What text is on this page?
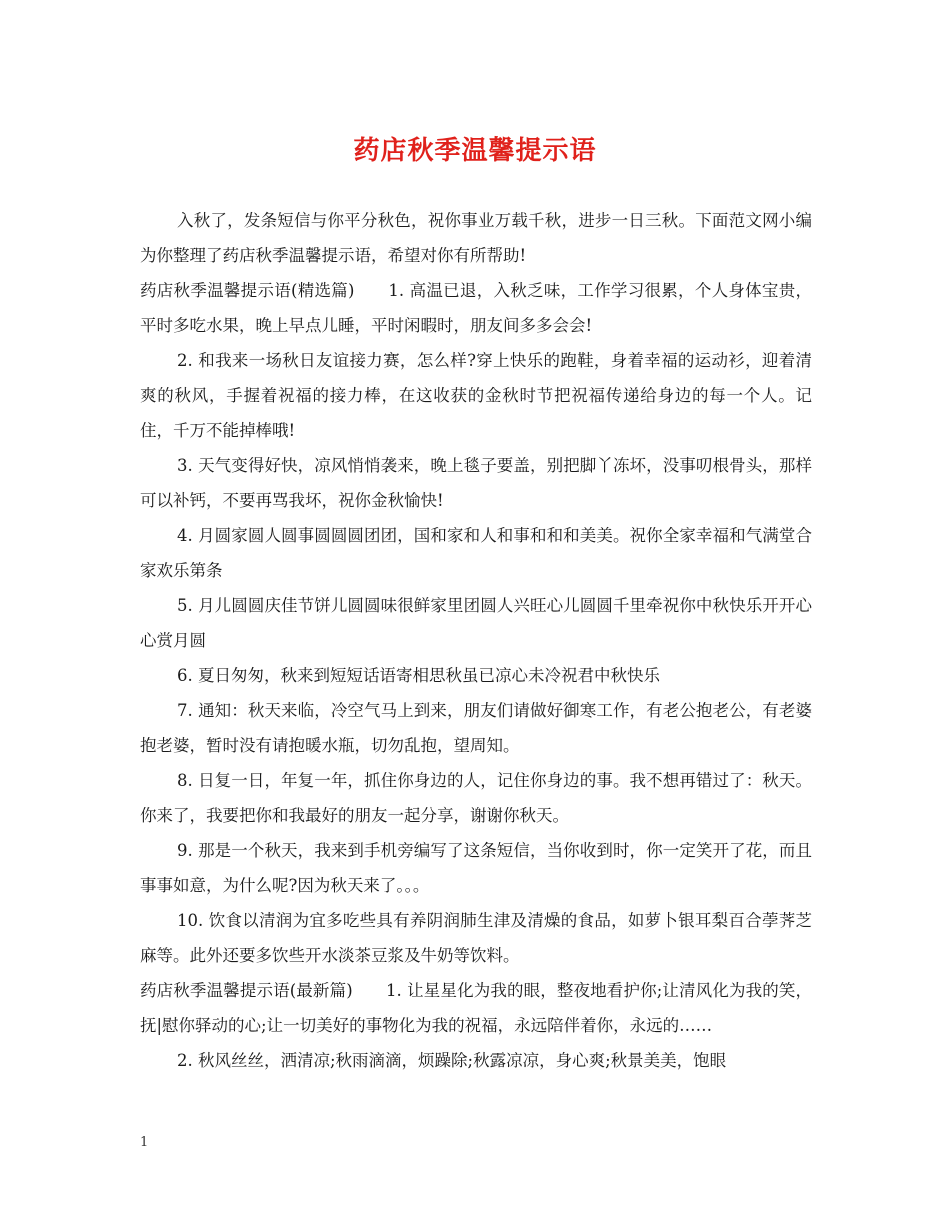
药店秋季温馨提示语

入秋了，发条短信与你平分秋色，祝你事业万载千秋，进步一日三秋。下面范文网小编为你整理了药店秋季温馨提示语，希望对你有所帮助!

药店秋季温馨提示语(精选篇)　　1. 高温已退，入秋乏味，工作学习很累，个人身体宝贵，平时多吃水果，晚上早点儿睡，平时闲暇时，朋友间多多会会!

2. 和我来一场秋日友谊接力赛，怎么样?穿上快乐的跑鞋，身着幸福的运动衫，迎着清爽的秋风，手握着祝福的接力棒，在这收获的金秋时节把祝福传递给身边的每一个人。记住，千万不能掉棒哦!

3. 天气变得好快，凉风悄悄袭来，晚上毯子要盖，别把脚丫冻坏，没事叨根骨头，那样可以补钙，不要再骂我坏，祝你金秋愉快!

4. 月圆家圆人圆事圆圆圆团团，国和家和人和事和和和美美。祝你全家幸福和气满堂合家欢乐第条

5. 月儿圆圆庆佳节饼儿圆圆味很鲜家里团圆人兴旺心儿圆圆千里牵祝你中秋快乐开开心心赏月圆

6. 夏日匆匆，秋来到短短话语寄相思秋虽已凉心未冷祝君中秋快乐

7. 通知：秋天来临，冷空气马上到来，朋友们请做好御寒工作，有老公抱老公，有老婆抱老婆，暂时没有请抱暖水瓶，切勿乱抱，望周知。

8. 日复一日，年复一年，抓住你身边的人，记住你身边的事。我不想再错过了：秋天。你来了，我要把你和我最好的朋友一起分享，谢谢你秋天。

9. 那是一个秋天，我来到手机旁编写了这条短信，当你收到时，你一定笑开了花，而且事事如意，为什么呢?因为秋天来了。。。

10. 饮食以清润为宜多吃些具有养阴润肺生津及清燥的食品，如萝卜银耳梨百合荸荠芝麻等。此外还要多饮些开水淡茶豆浆及牛奶等饮料。

药店秋季温馨提示语(最新篇)　　1. 让星星化为我的眼，整夜地看护你;让清风化为我的笑，抚|慰你驿动的心;让一切美好的事物化为我的祝福，永远陪伴着你，永远的……

2. 秋风丝丝，洒清凉;秋雨滴滴，烦躁除;秋露凉凉，身心爽;秋景美美，饱眼

1
